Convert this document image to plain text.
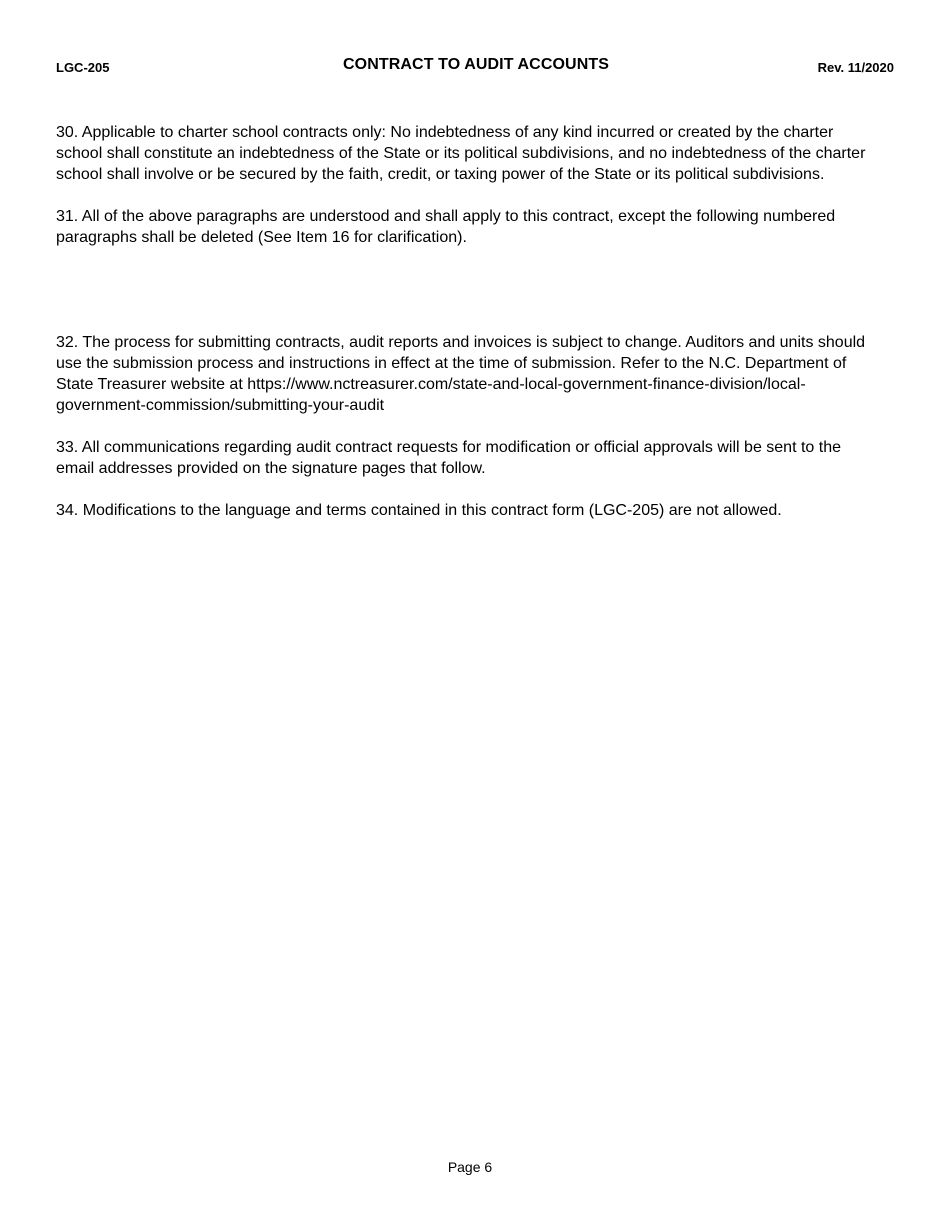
LGC-205	CONTRACT TO AUDIT ACCOUNTS	Rev. 11/2020

30. Applicable to charter school contracts only: No indebtedness of any kind incurred or created by the charter school shall constitute an indebtedness of the State or its political subdivisions, and no indebtedness of the charter school shall involve or be secured by the faith, credit, or taxing power of the State or its political subdivisions.

31. All of the above paragraphs are understood and shall apply to this contract, except the following numbered paragraphs shall be deleted (See Item 16 for clarification).

32. The process for submitting contracts, audit reports and invoices is subject to change. Auditors and units should use the submission process and instructions in effect at the time of submission. Refer to the N.C. Department of State Treasurer website at https://www.nctreasurer.com/state-and-local-government-finance-division/local-government-commission/submitting-your-audit

33. All communications regarding audit contract requests for modification or official approvals will be sent to the email addresses provided on the signature pages that follow.

34. Modifications to the language and terms contained in this contract form (LGC-205) are not allowed.

Page 6
